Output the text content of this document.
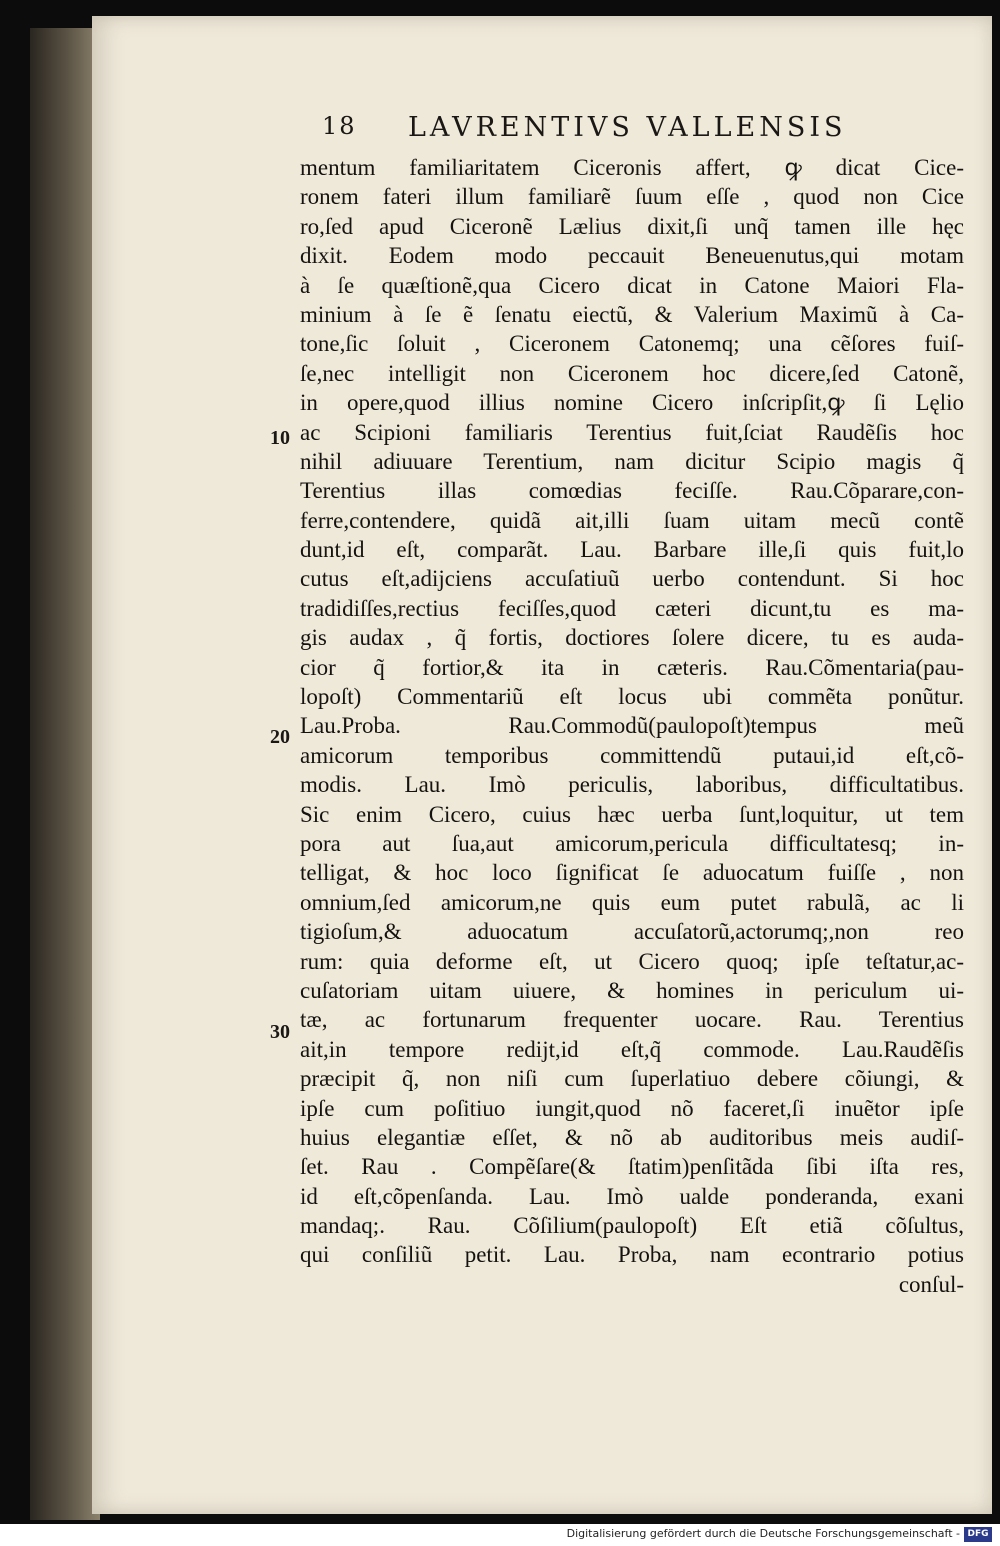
18 LAVRENTIVS VALLENSIS
10
20
30
mentum familiaritatem Ciceronis affert, ꝙ dicat Cice-
ronem fateri illum familiarẽ ſuum eſſe , quod non Cice
ro,ſed apud Ciceronẽ Lælius dixit,ſi unq̃ tamen ille hęc
dixit. Eodem modo peccauit Beneuenutus,qui motam
à ſe quæſtionẽ,qua Cicero dicat in Catone Maiori Fla-
minium à ſe ẽ ſenatu eiectũ, & Valerium Maximũ à Ca-
tone,ſic ſoluit , Ciceronem Catonemq; una cẽſores fuiſ-
ſe,nec intelligit non Ciceronem hoc dicere,ſed Catonẽ,
in opere,quod illius nomine Cicero inſcripſit,ꝙ ſi Lęlio
ac Scipioni familiaris Terentius fuit,ſciat Raudẽſis hoc
nihil adiuuare Terentium, nam dicitur Scipio magis q̃
Terentius illas comœdias feciſſe. Rau.Cõparare,con-
ferre,contendere, quidã ait,illi ſuam uitam mecũ contẽ
dunt,id eſt, comparãt. Lau. Barbare ille,ſi quis fuit,lo
cutus eſt,adijciens accuſatiuũ uerbo contendunt. Si hoc
tradidiſſes,rectius feciſſes,quod cæteri dicunt,tu es ma-
gis audax , q̃ fortis, doctiores ſolere dicere, tu es auda-
cior q̃ fortior,& ita in cæteris. Rau.Cõmentaria(pau-
lopoſt) Commentariũ eſt locus ubi commẽta ponũtur.
Lau.Proba. Rau.Commodũ(paulopoſt)tempus meũ
amicorum temporibus committendũ putaui,id eſt,cõ-
modis. Lau. Imò periculis, laboribus, difficultatibus.
Sic enim Cicero, cuius hæc uerba ſunt,loquitur, ut tem
pora aut ſua,aut amicorum,pericula difficultatesq; in-
telligat, & hoc loco ſignificat ſe aduocatum fuiſſe , non
omnium,ſed amicorum,ne quis eum putet rabulã, ac li
tigioſum,& aduocatum accuſatorũ,actorumq;,non reo
rum: quia deforme eſt, ut Cicero quoq; ipſe teſtatur,ac-
cuſatoriam uitam uiuere, & homines in periculum ui-
tæ, ac fortunarum frequenter uocare. Rau. Terentius
ait,in tempore redijt,id eſt,q̃ commode. Lau.Raudẽſis
præcipit q̃, non niſi cum ſuperlatiuo debere cõiungi, &
ipſe cum poſitiuo iungit,quod nõ faceret,ſi inuẽtor ipſe
huius elegantiæ eſſet, & nõ ab auditoribus meis audiſ-
ſet. Rau . Compẽſare(& ſtatim)penſitãda ſibi iſta res,
id eſt,cõpenſanda. Lau. Imò ualde ponderanda, exani
mandaq;. Rau. Cõſilium(paulopoſt) Eſt etiã cõſultus,
qui conſiliũ petit. Lau. Proba, nam econtrario potius
conſul-
Digitalisierung gefördert durch die Deutsche Forschungsgemeinschaft - DFG
